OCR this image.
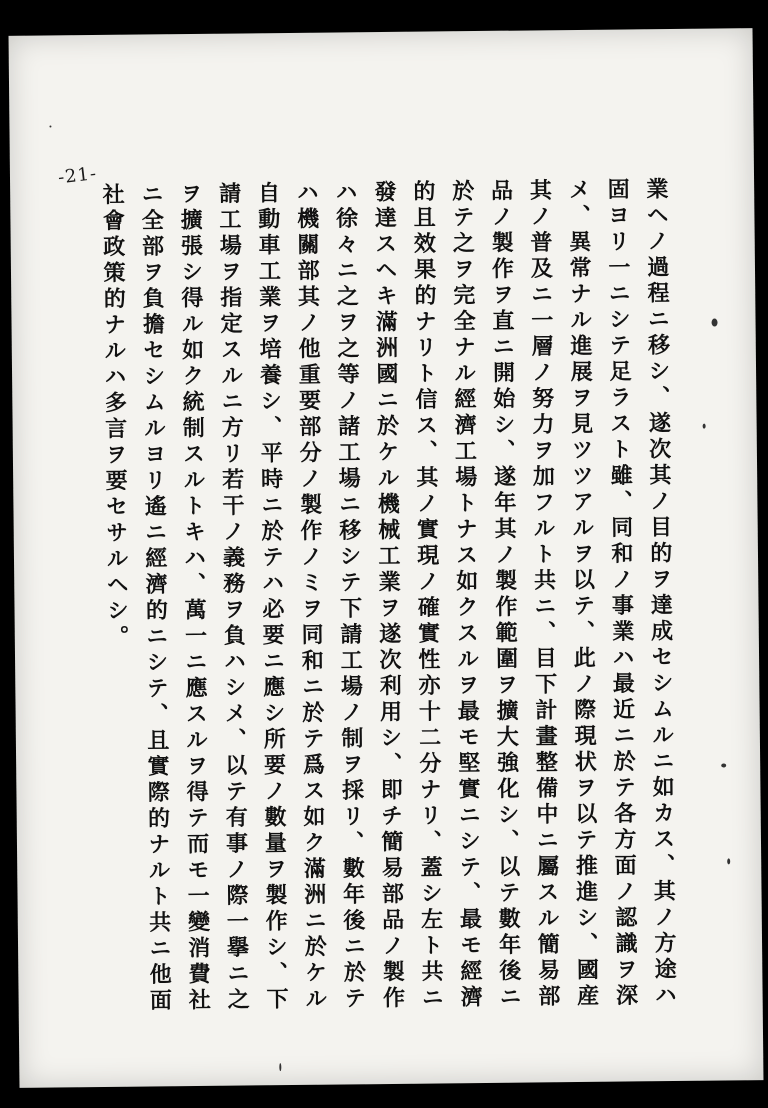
-21-
業ヘノ過程ニ移シ、遂次其ノ目的ヲ達成セシムルニ如カス、其ノ方途ハ
固ヨリ一ニシテ足ラスト雖、同和ノ事業ハ最近ニ於テ各方面ノ認識ヲ深
メ、異常ナル進展ヲ見ツツアルヲ以テ、此ノ際現状ヲ以テ推進シ、國産
其ノ普及ニ一層ノ努力ヲ加フルト共ニ、目下計畫整備中ニ屬スル簡易部
品ノ製作ヲ直ニ開始シ、遂年其ノ製作範圍ヲ擴大強化シ、以テ數年後ニ
於テ之ヲ完全ナル經濟工場トナス如クスルヲ最モ堅實ニシテ、最モ經濟
的且效果的ナリト信ス、其ノ實現ノ確實性亦十二分ナリ、蓋シ左ト共ニ
發達スヘキ滿洲國ニ於ケル機械工業ヲ遂次利用シ、即チ簡易部品ノ製作
ハ徐々ニ之ヲ之等ノ諸工場ニ移シテ下請工場ノ制ヲ採リ、數年後ニ於テ
ハ機關部其ノ他重要部分ノ製作ノミヲ同和ニ於テ爲ス如ク滿洲ニ於ケル
自動車工業ヲ培養シ、平時ニ於テハ必要ニ應シ所要ノ數量ヲ製作シ、下
請工場ヲ指定スルニ方リ若干ノ義務ヲ負ハシメ、以テ有事ノ際一擧ニ之
ヲ擴張シ得ル如ク統制スルトキハ、萬一ニ應スルヲ得テ而モ一變消費社
ニ全部ヲ負擔セシムルヨリ遙ニ經濟的ニシテ、且實際的ナルト共ニ他面
社會政策的ナルハ多言ヲ要セサルヘシ。
